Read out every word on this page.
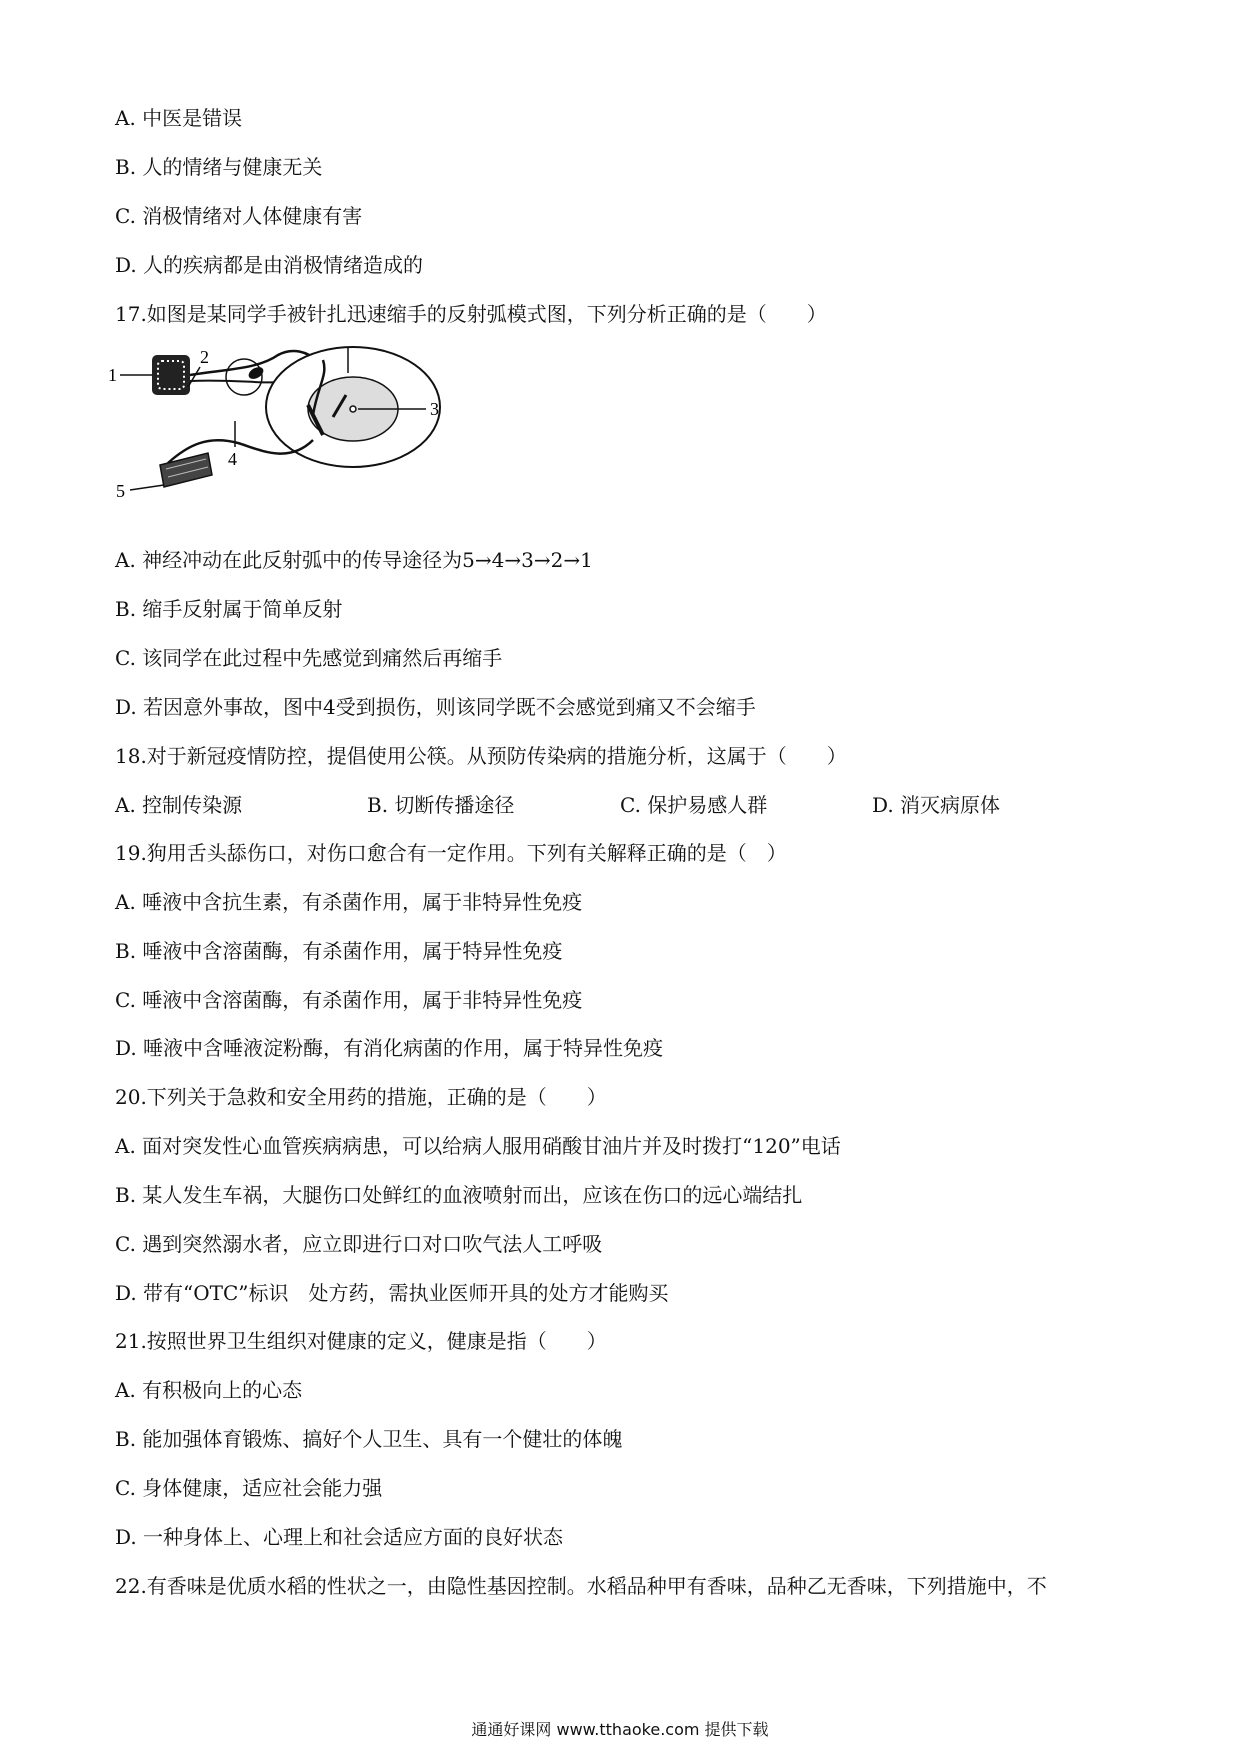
A. 中医是错误
B. 人的情绪与健康无关
C. 消极情绪对人体健康有害
D. 人的疾病都是由消极情绪造成的
17.如图是某同学手被针扎迅速缩手的反射弧模式图，下列分析正确的是（　　）
1
2
3
4
5
A. 神经冲动在此反射弧中的传导途径为5→4→3→2→1
B. 缩手反射属于简单反射
C. 该同学在此过程中先感觉到痛然后再缩手
D. 若因意外事故，图中4受到损伤，则该同学既不会感觉到痛又不会缩手
18.对于新冠疫情防控，提倡使用公筷。从预防传染病的措施分析，这属于（　　）
A. 控制传染源	B. 切断传播途径	C. 保护易感人群	D. 消灭病原体
19.狗用舌头舔伤口，对伤口愈合有一定作用。下列有关解释正确的是（　）
A. 唾液中含抗生素，有杀菌作用，属于非特异性免疫
B. 唾液中含溶菌酶，有杀菌作用，属于特异性免疫
C. 唾液中含溶菌酶，有杀菌作用，属于非特异性免疫
D. 唾液中含唾液淀粉酶，有消化病菌的作用，属于特异性免疫
20.下列关于急救和安全用药的措施，正确的是（　　）
A. 面对突发性心血管疾病病患，可以给病人服用硝酸甘油片并及时拨打“120”电话
B. 某人发生车祸，大腿伤口处鲜红的血液喷射而出，应该在伤口的远心端结扎
C. 遇到突然溺水者，应立即进行口对口吹气法人工呼吸
D. 带有“OTC”标识　处方药，需执业医师开具的处方才能购买
21.按照世界卫生组织对健康的定义，健康是指（　　）
A. 有积极向上的心态
B. 能加强体育锻炼、搞好个人卫生、具有一个健壮的体魄
C. 身体健康，适应社会能力强
D. 一种身体上、心理上和社会适应方面的良好状态
22.有香味是优质水稻的性状之一，由隐性基因控制。水稻品种甲有香味，品种乙无香味，下列措施中，不
通通好课网 www.tthaoke.com 提供下载
